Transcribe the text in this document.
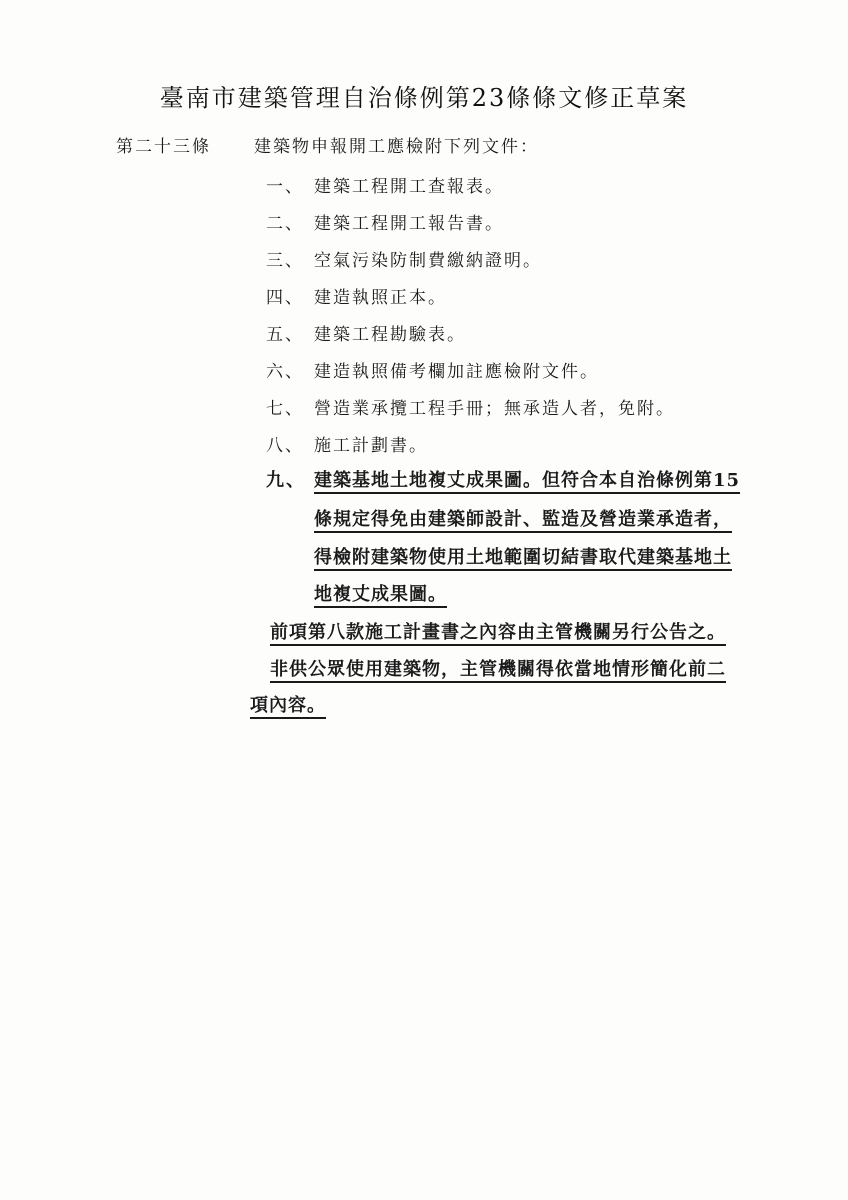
臺南市建築管理自治條例第23條條文修正草案
第二十三條	建築物申報開工應檢附下列文件：
一、 建築工程開工查報表。
二、 建築工程開工報告書。
三、 空氣污染防制費繳納證明。
四、 建造執照正本。
五、 建築工程勘驗表。
六、 建造執照備考欄加註應檢附文件。
七、 營造業承攬工程手冊；無承造人者，免附。
八、 施工計劃書。
九、 建築基地土地複丈成果圖。但符合本自治條例第15
條規定得免由建築師設計、監造及營造業承造者，
得檢附建築物使用土地範圍切結書取代建築基地土
地複丈成果圖。
前項第八款施工計畫書之內容由主管機關另行公告之。
非供公眾使用建築物，主管機關得依當地情形簡化前二
項內容。
